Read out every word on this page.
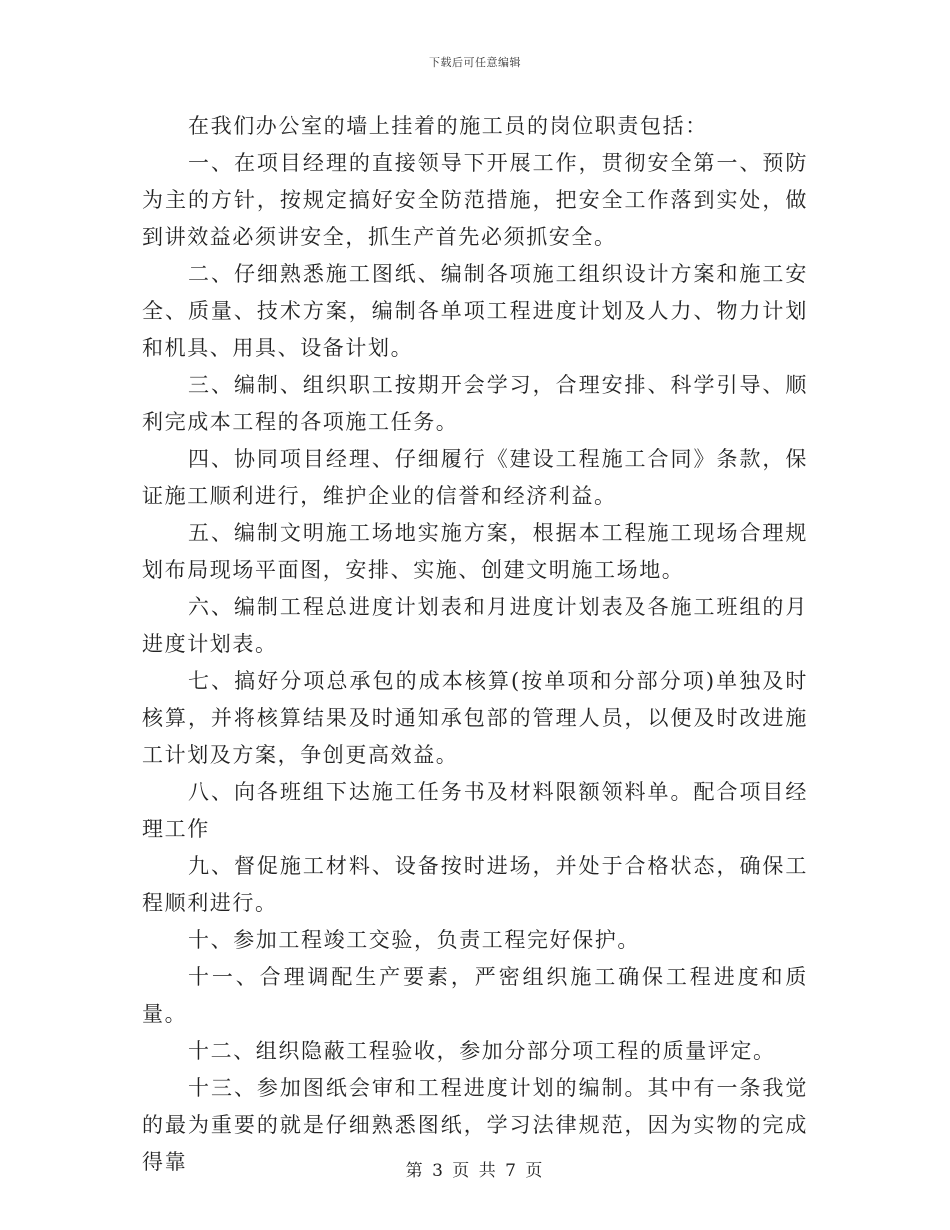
下载后可任意编辑

在我们办公室的墙上挂着的施工员的岗位职责包括：

一、在项目经理的直接领导下开展工作，贯彻安全第一、预防为主的方针，按规定搞好安全防范措施，把安全工作落到实处，做到讲效益必须讲安全，抓生产首先必须抓安全。

二、仔细熟悉施工图纸、编制各项施工组织设计方案和施工安全、质量、技术方案，编制各单项工程进度计划及人力、物力计划和机具、用具、设备计划。

三、编制、组织职工按期开会学习，合理安排、科学引导、顺利完成本工程的各项施工任务。

四、协同项目经理、仔细履行《建设工程施工合同》条款，保证施工顺利进行，维护企业的信誉和经济利益。

五、编制文明施工场地实施方案，根据本工程施工现场合理规划布局现场平面图，安排、实施、创建文明施工场地。

六、编制工程总进度计划表和月进度计划表及各施工班组的月进度计划表。

七、搞好分项总承包的成本核算(按单项和分部分项)单独及时核算，并将核算结果及时通知承包部的管理人员，以便及时改进施工计划及方案，争创更高效益。

八、向各班组下达施工任务书及材料限额领料单。配合项目经理工作

九、督促施工材料、设备按时进场，并处于合格状态，确保工程顺利进行。

十、参加工程竣工交验，负责工程完好保护。

十一、合理调配生产要素，严密组织施工确保工程进度和质量。

十二、组织隐蔽工程验收，参加分部分项工程的质量评定。

十三、参加图纸会审和工程进度计划的编制。其中有一条我觉的最为重要的就是仔细熟悉图纸，学习法律规范，因为实物的完成得靠	第 3 页 共 7 页
